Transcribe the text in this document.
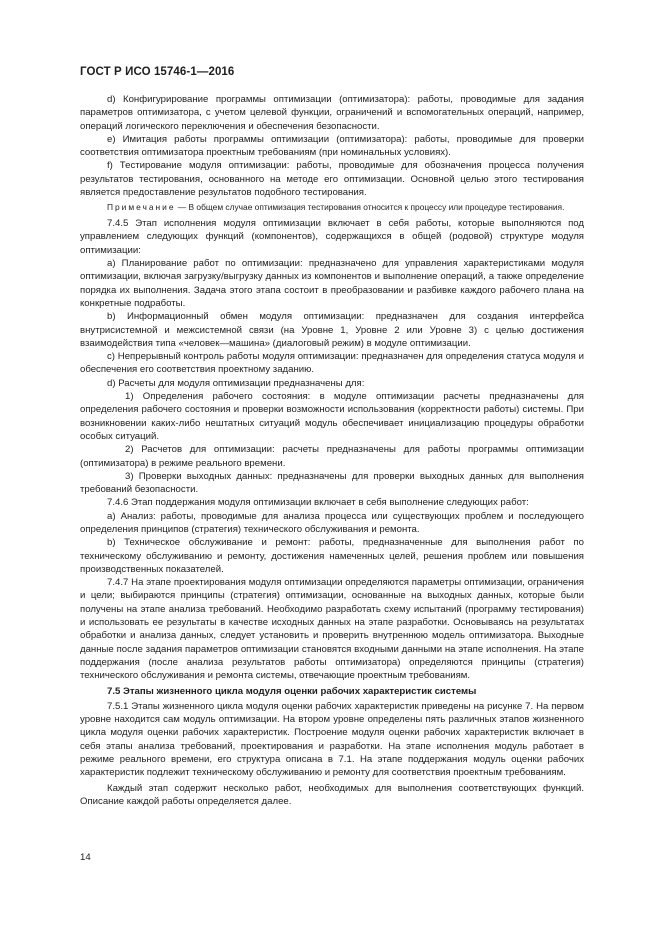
ГОСТ Р ИСО 15746-1—2016

d) Конфигурирование программы оптимизации (оптимизатора): работы, проводимые для задания параметров оптимизатора, с учетом целевой функции, ограничений и вспомогательных операций, например, операций логического переключения и обеспечения безопасности.

e) Имитация работы программы оптимизации (оптимизатора): работы, проводимые для проверки соответствия оптимизатора проектным требованиям (при номинальных условиях).

f) Тестирование модуля оптимизации: работы, проводимые для обозначения процесса получения результатов тестирования, основанного на методе его оптимизации. Основной целью этого тестирования является предоставление результатов подобного тестирования.

Примечание — В общем случае оптимизация тестирования относится к процессу или процедуре тестирования.

7.4.5 Этап исполнения модуля оптимизации включает в себя работы, которые выполняются под управлением следующих функций (компонентов), содержащихся в общей (родовой) структуре модуля оптимизации:

a) Планирование работ по оптимизации: предназначено для управления характеристиками модуля оптимизации, включая загрузку/выгрузку данных из компонентов и выполнение операций, а также определение порядка их выполнения. Задача этого этапа состоит в преобразовании и разбивке каждого рабочего плана на конкретные подработы.

b) Информационный обмен модуля оптимизации: предназначен для создания интерфейса внутрисистемной и межсистемной связи (на Уровне 1, Уровне 2 или Уровне 3) с целью достижения взаимодействия типа «человек—машина» (диалоговый режим) в модуле оптимизации.

c) Непрерывный контроль работы модуля оптимизации: предназначен для определения статуса модуля и обеспечения его соответствия проектному заданию.

d) Расчеты для модуля оптимизации предназначены для:

1) Определения рабочего состояния: в модуле оптимизации расчеты предназначены для определения рабочего состояния и проверки возможности использования (корректности работы) системы. При возникновении каких-либо нештатных ситуаций модуль обеспечивает инициализацию процедуры обработки особых ситуаций.

2) Расчетов для оптимизации: расчеты предназначены для работы программы оптимизации (оптимизатора) в режиме реального времени.

3) Проверки выходных данных: предназначены для проверки выходных данных для выполнения требований безопасности.

7.4.6 Этап поддержания модуля оптимизации включает в себя выполнение следующих работ:

a) Анализ: работы, проводимые для анализа процесса или существующих проблем и последующего определения принципов (стратегия) технического обслуживания и ремонта.

b) Техническое обслуживание и ремонт: работы, предназначенные для выполнения работ по техническому обслуживанию и ремонту, достижения намеченных целей, решения проблем или повышения производственных показателей.

7.4.7 На этапе проектирования модуля оптимизации определяются параметры оптимизации, ограничения и цели; выбираются принципы (стратегия) оптимизации, основанные на выходных данных, которые были получены на этапе анализа требований. Необходимо разработать схему испытаний (программу тестирования) и использовать ее результаты в качестве исходных данных на этапе разработки. Основываясь на результатах обработки и анализа данных, следует установить и проверить внутреннюю модель оптимизатора. Выходные данные после задания параметров оптимизации становятся входными данными на этапе исполнения. На этапе поддержания (после анализа результатов работы оптимизатора) определяются принципы (стратегия) технического обслуживания и ремонта системы, отвечающие проектным требованиям.

7.5 Этапы жизненного цикла модуля оценки рабочих характеристик системы

7.5.1 Этапы жизненного цикла модуля оценки рабочих характеристик приведены на рисунке 7. На первом уровне находится сам модуль оптимизации. На втором уровне определены пять различных этапов жизненного цикла модуля оценки рабочих характеристик. Построение модуля оценки рабочих характеристик включает в себя этапы анализа требований, проектирования и разработки. На этапе исполнения модуль работает в режиме реального времени, его структура описана в 7.1. На этапе поддержания модуль оценки рабочих характеристик подлежит техническому обслуживанию и ремонту для соответствия проектным требованиям.

Каждый этап содержит несколько работ, необходимых для выполнения соответствующих функций. Описание каждой работы определяется далее.

14
